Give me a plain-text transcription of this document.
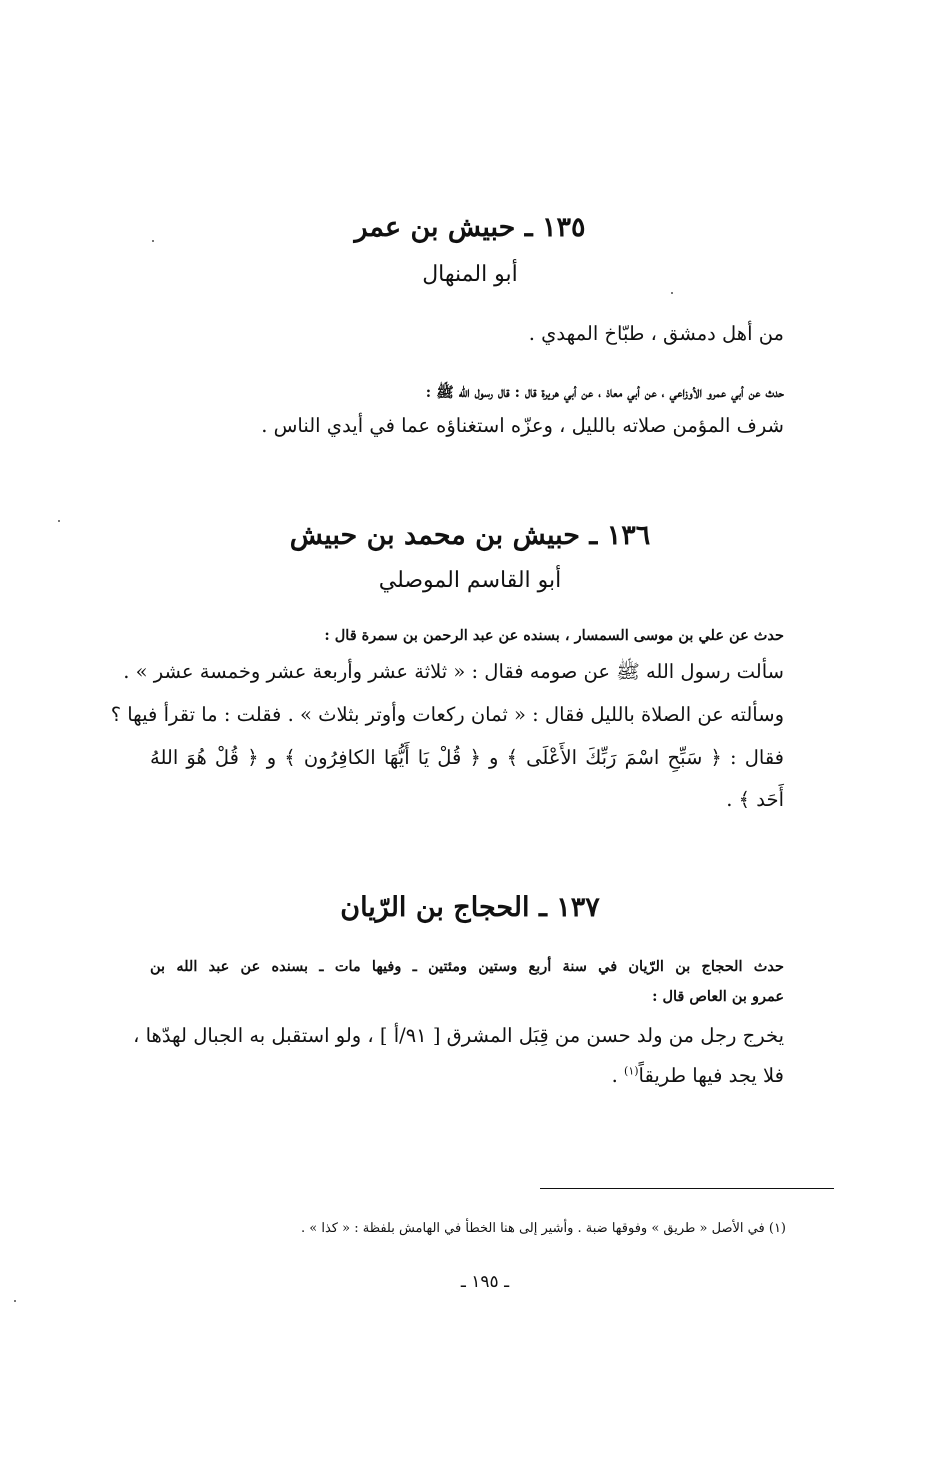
١٣٥ ـ حبيش بن عمر
أبو المنهال
من أهل دمشق ، طبّاخ المهدي .
حدث عن أبي عمرو الأوزاعي ، عن أبي معاذ ، عن أبي هريرة قال : قال رسول الله ﷺ :
شرف المؤمن صلاته بالليل ، وعزّه استغناؤه عما في أيدي الناس .
١٣٦ ـ حبيش بن محمد بن حبيش
أبو القاسم الموصلي
حدث عن علي بن موسى السمسار ، بسنده عن عبد الرحمن بن سمرة قال :
سألت رسول الله ﷺ عن صومه فقال : « ثلاثة عشر وأربعة عشر وخمسة عشر » .
وسألته عن الصلاة بالليل فقال : « ثمان ركعات وأوتر بثلاث » . فقلت : ما تقرأ فيها ؟
فقال : ﴿ سَبِّحِ اسْمَ رَبِّكَ الأَعْلَى ﴾ و ﴿ قُلْ يَا أَيُّهَا الكافِرُون ﴾ و ﴿ قُلْ هُوَ اللهُ
أَحَد ﴾ .
١٣٧ ـ الحجاج بن الرّيان
حدث الحجاج بن الرّيان في سنة أربع وستين ومئتين ـ وفيها مات ـ بسنده عن عبد الله بن
عمرو بن العاص قال :
يخرج رجل من ولد حسن من قِبَل المشرق [ ٩١/أ ] ، ولو استقبل به الجبال لهدّها ،
فلا يجد فيها طريقاً$^{(١)}$ .
(١) في الأصل « طريق » وفوقها ضبة . وأشير إلى هنا الخطأ في الهامش بلفظة : « كذا » .
ـ ١٩٥ ـ
